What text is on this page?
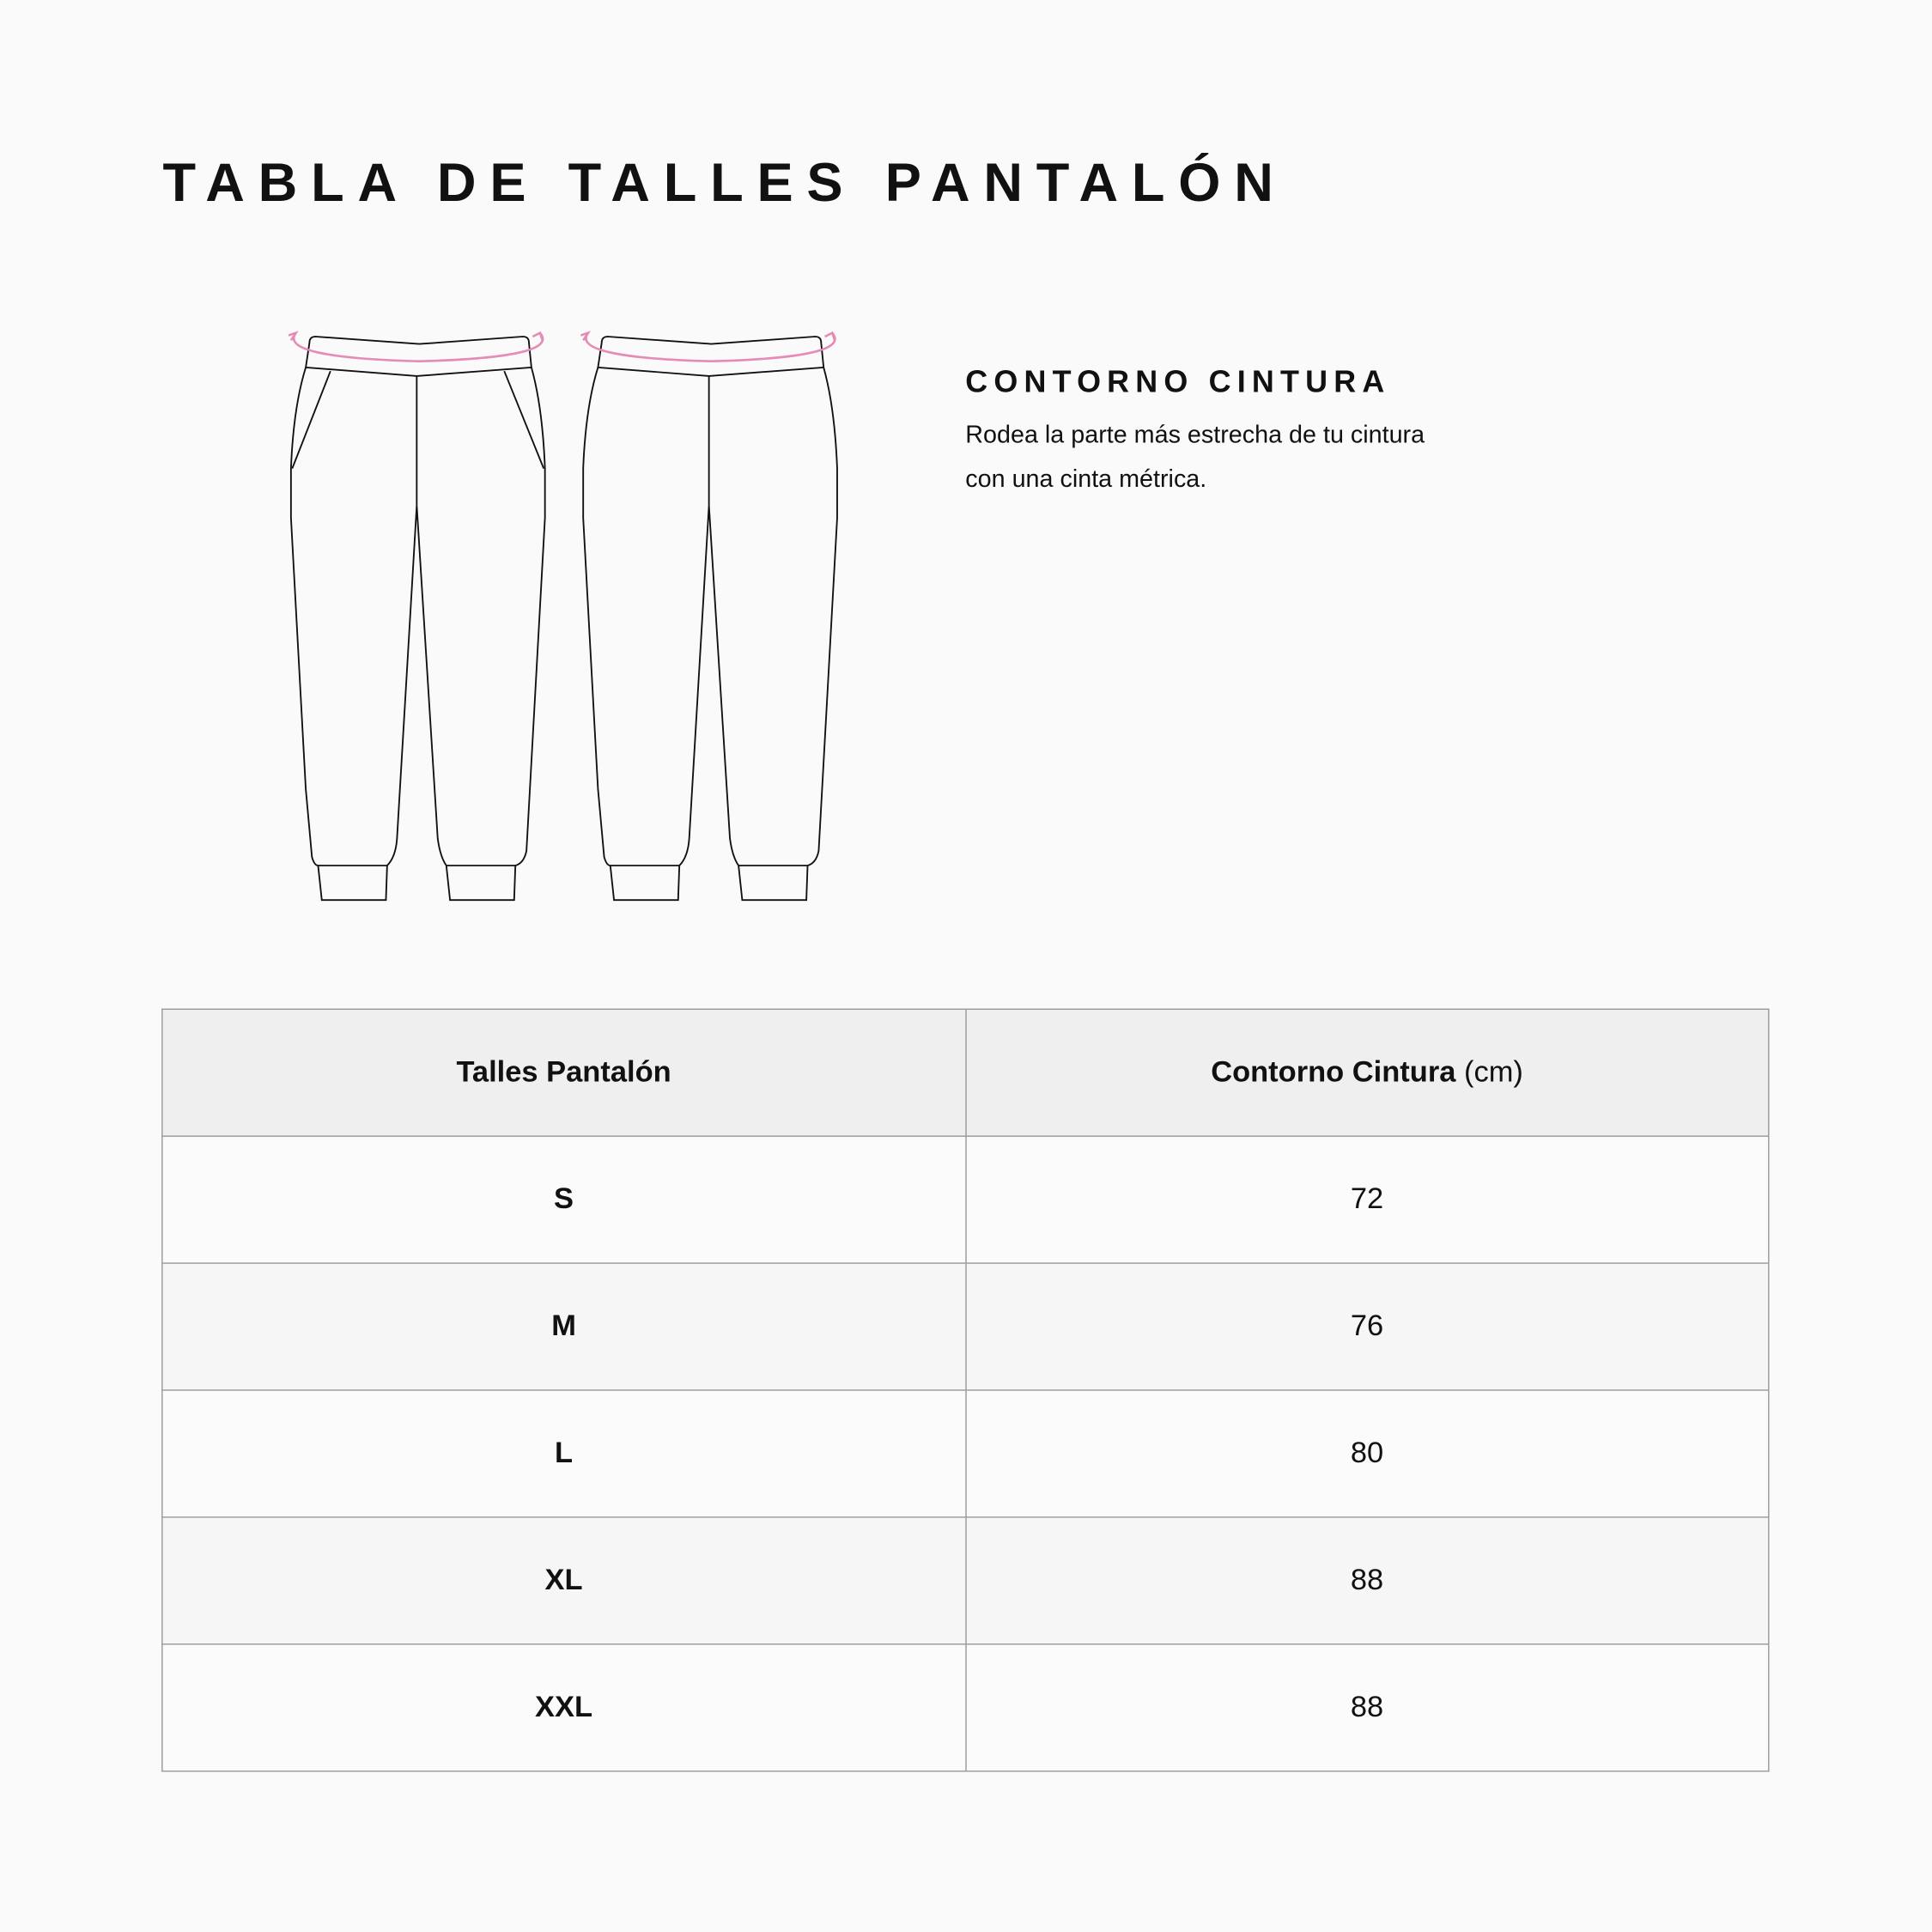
TABLA DE TALLES PANTALÓN
CONTORNO CINTURA

Rodea la parte más estrecha de tu cintura con una cinta métrica.

Talles Pantalón	Contorno Cintura (cm)
S	72
M	76
L	80
XL	88
XXL	88
